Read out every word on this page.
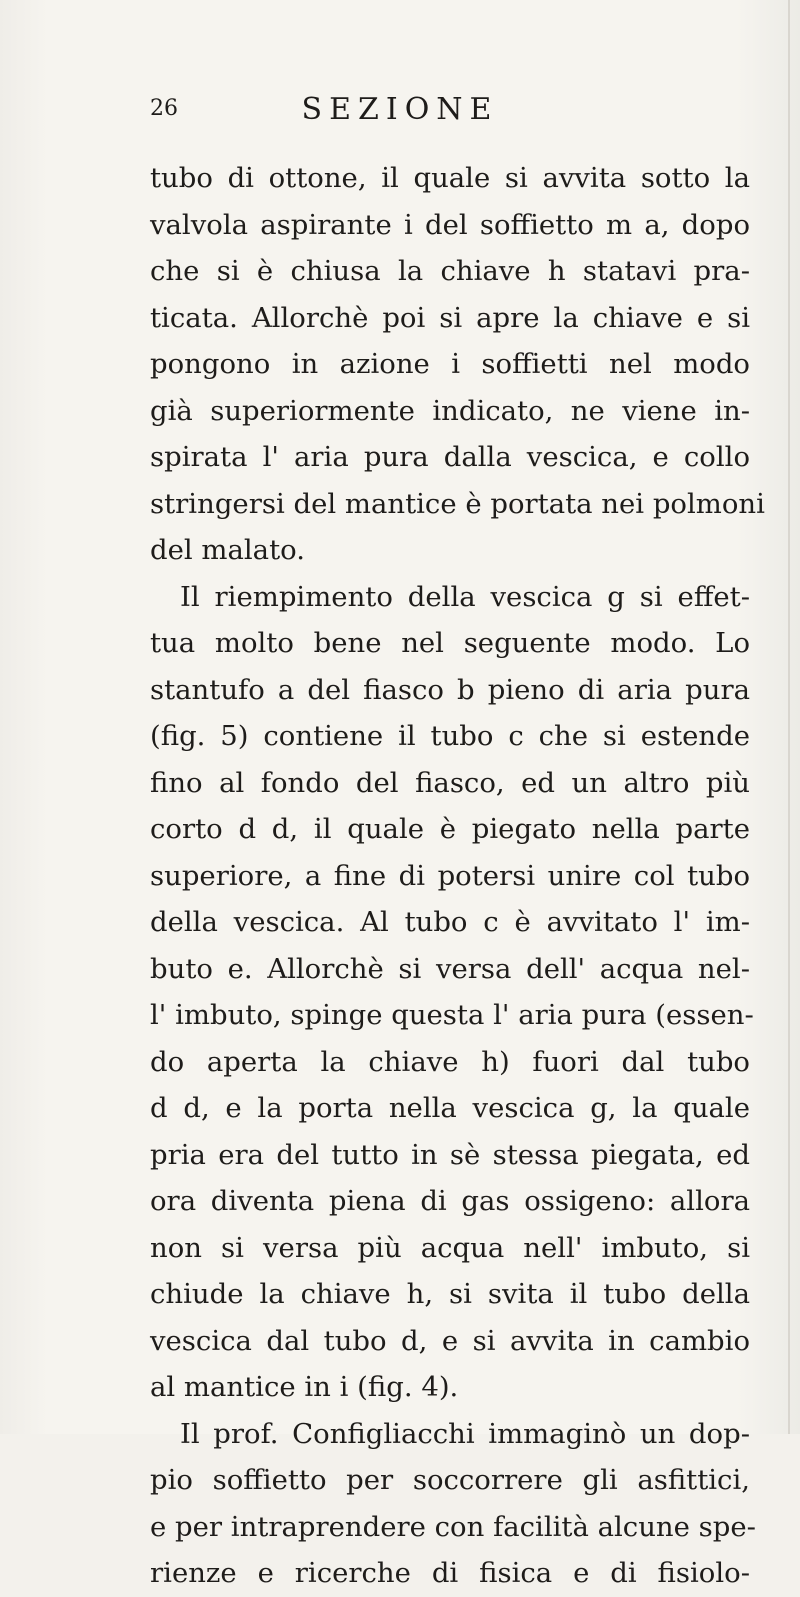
26	SEZIONE
tubo di ottone, il quale si avvita sotto la
valvola aspirante i del soffietto m a, dopo
che si è chiusa la chiave h statavi pra-
ticata. Allorchè poi si apre la chiave e si
pongono in azione i soffietti nel modo
già superiormente indicato, ne viene in-
spirata l' aria pura dalla vescica, e collo
stringersi del mantice è portata nei polmoni
del malato.
Il riempimento della vescica g si effet-
tua molto bene nel seguente modo. Lo
stantufo a del fiasco b pieno di aria pura
(fig. 5) contiene il tubo c che si estende
fino al fondo del fiasco, ed un altro più
corto d d, il quale è piegato nella parte
superiore, a fine di potersi unire col tubo
della vescica. Al tubo c è avvitato l' im-
buto e. Allorchè si versa dell' acqua nel-
l' imbuto, spinge questa l' aria pura (essen-
do aperta la chiave h) fuori dal tubo
d d, e la porta nella vescica g, la quale
pria era del tutto in sè stessa piegata, ed
ora diventa piena di gas ossigeno: allora
non si versa più acqua nell' imbuto, si
chiude la chiave h, si svita il tubo della
vescica dal tubo d, e si avvita in cambio
al mantice in i (fig. 4).
Il prof. Configliacchi immaginò un dop-
pio soffietto per soccorrere gli asfittici,
e per intraprendere con facilità alcune spe-
rienze e ricerche di fisica e di fisiolo-
